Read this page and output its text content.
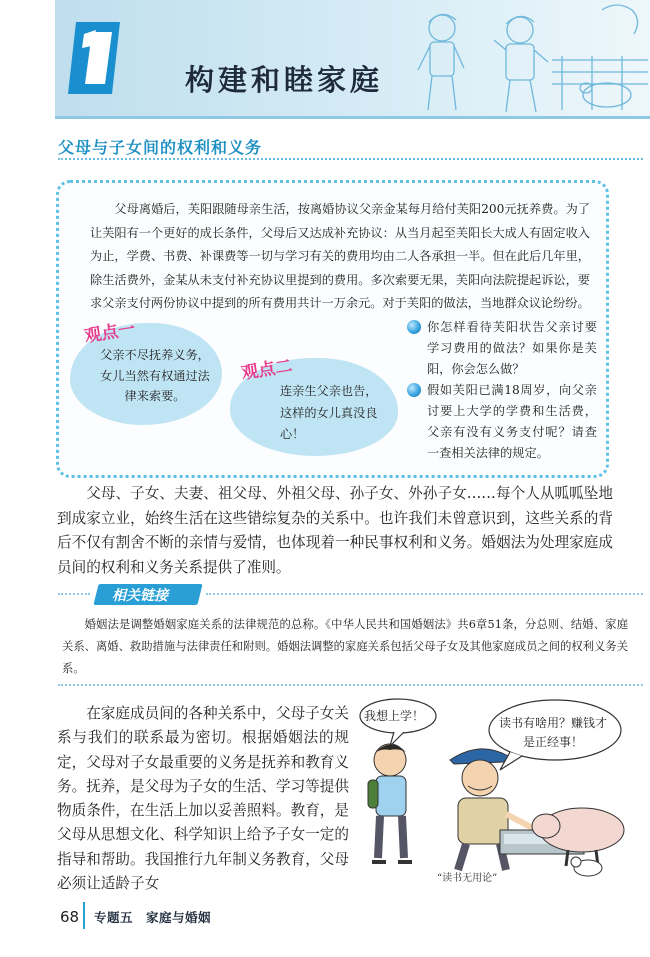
构建和睦家庭
父母与子女间的权利和义务
父母离婚后，芙阳跟随母亲生活，按离婚协议父亲金某每月给付芙阳200元抚养费。为了让芙阳有一个更好的成长条件，父母后又达成补充协议：从当月起至芙阳长大成人有固定收入为止，学费、书费、补课费等一切与学习有关的费用均由二人各承担一半。但在此后几年里，除生活费外，金某从未支付补充协议里提到的费用。多次索要无果，芙阳向法院提起诉讼，要求父亲支付两份协议中提到的所有费用共计一万余元。对于芙阳的做法，当地群众议论纷纷。
观点一
父亲不尽抚养义务，女儿当然有权通过法律来索要。
观点二
连亲生父亲也告，这样的女儿真没良心！
你怎样看待芙阳状告父亲讨要学习费用的做法？如果你是芙阳，你会怎么做？
假如芙阳已满18周岁，向父亲讨要上大学的学费和生活费，父亲有没有义务支付呢？请查一查相关法律的规定。
父母、子女、夫妻、祖父母、外祖父母、孙子女、外孙子女……每个人从呱呱坠地到成家立业，始终生活在这些错综复杂的关系中。也许我们未曾意识到，这些关系的背后不仅有割舍不断的亲情与爱情，也体现着一种民事权利和义务。婚姻法为处理家庭成员间的权利和义务关系提供了准则。
相关链接
婚姻法是调整婚姻家庭关系的法律规范的总称。《中华人民共和国婚姻法》共6章51条，分总则、结婚、家庭关系、离婚、救助措施与法律责任和附则。婚姻法调整的家庭关系包括父母子女及其他家庭成员之间的权利义务关系。
在家庭成员间的各种关系中，父母子女关系与我们的联系最为密切。根据婚姻法的规定，父母对子女最重要的义务是抚养和教育义务。抚养，是父母为子女的生活、学习等提供物质条件，在生活上加以妥善照料。教育，是父母从思想文化、科学知识上给予子女一定的指导和帮助。我国推行九年制义务教育，父母必须让适龄子女
我想上学！	读书有啥用？赚钱才是正经事！
“读书无用论”
68 专题五　家庭与婚姻
